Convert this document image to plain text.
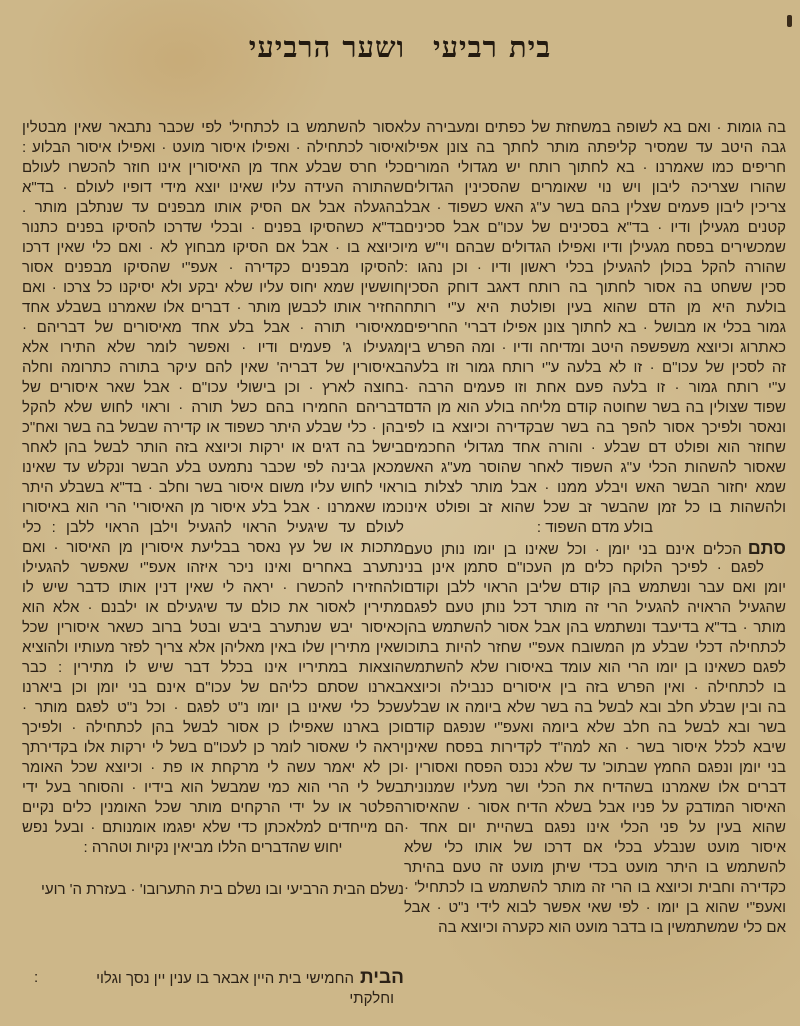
בית רביעיושער הרביעי
בה גומות · ואם בא לשופה במשחזת של כפתים ומעבירה על
גבה היטב עד שמסיר קליפתה מותר לחתך בה צונן אפילו
חריפים כמו שאמרנו · בא לחתוך רותח יש מגדולי המורים
שהורו שצריכה ליבון ויש נוי שאומרים שהסכינין הגדולים
צריכין ליבון פעמים שצלין בהם בשר ע"ג האש כשפוד · אבל
קטנים מגעילן ודיו · בד"א בסכינים של עכו"ם אבל סכינים
שמכשירים בפסח מגעילן ודיו ואפילו הגדולים שבהם וי"ש מי
שהורה להקל בכולן להגעילן בכלי ראשון ודיו · וכן נהגו :
סכין ששחט בה אסור לחתוך בה רותח דאגב דוחק הסכין
בולעת היא מן הדם שהוא בעין ופולטת היא ע"י רותח
גמור בכלי או מבושל · בא לחתוך צונן אפילו דברי' החריפים
כאתרוג וכיוצא משפשפה היטב ומדיחה ודיו · ומה הפרש בין
זה לסכין של עכו"ם · זו לא בלעה ע"י רותח גמור וזו בלעה
ע"י רותח גמור · זו בלעה פעם אחת וזו פעמים הרבה ·
שפוד שצולין בה בשר שחוטה קודם מליחה בולע הוא מן הדם
ונאסר ולפיכך אסור להפך בה בשר שבקדירה וכיוצא בו לפי
שחוזר הוא ופולט דם שבלע · והורה אחד מגדולי החכמים
שאסור להשהות הכלי ע"ג השפוד לאחר שהוסר מע"ג האש
שמא יחזור הבשר האש ויבלע ממנו · אבל מותר לצלות בו
ולהשהות בו כל זמן שהבשר זב שכל שהוא זב ופולט אינו
בולע מדם השפוד :
סתםהכלים אינם בני יומן · וכל שאינו בן יומו נותן טעם
לפגם · לפיכך הלוקח כלים מן העכו"ם סתמן אינן בני
יומן ואם עבר ונשתמש בהן קודם שליבן הראוי ללבן וקודם
שהגעיל הראויה להגעיל הרי זה מותר דכל נותן טעם לפגם
מותר · בד"א בדיעבד ונשתמש בהן אבל אסור להשתמש בהן
לכתחילה דכלי שבלע מן המשובח אעפ"י שחזר להיות בתוכו
לפגם כשאינו בן יומו הרי הוא עומד באיסורו שלא להשתמש
בו לכתחילה · ואין הפרש בזה בין איסורים כנבילה וכיוצא
בה ובין שבלע חלב ובא לבשל בה בשר שלא ביומה או שבלע
בשר ובא לבשל בה חלב שלא ביומה ואעפ"י שנפגם קודם
שיבא לכלל איסור בשר · הא למה"ד לקדירות בפסח שאינן
בני יומן ונפגם החמץ שבתוכ' עד שלא נכנס הפסח ואסורין ·
דברים אלו שאמרנו בשהדיח את הכלי ושר מעליו שמנונית
האיסור המודבק על פניו אבל בשלא הדיח אסור · שהאיסור
שהוא בעין על פני הכלי אינו נפגם בשהיית יום אחד ·
איסור מועט שנבלע בכלי אם דרכו של אותו כלי שלא
להשתמש בו היתר מועט בכדי שיתן מועט זה טעם בהיתר
כקדירה וחבית וכיוצא בו הרי זה מותר להשתמש בו לכתחיל' ·
ואעפ"י שהוא בן יומו · לפי שאי אפשר לבוא לידי נ"ט · אבל
אם כלי שמשתמשין בו בדבר מועט הוא כקערה וכיוצא בה
אסור להשתמש בו לכתחיל' לפי שכבר נתבאר שאין מבטלין
איסור לכתחילה · ואפילו איסור מועט · ואפילו איסור הבלוע :
כלי חרס שבלע אחד מן האיסורין אינו חוזר להכשרו לעולם
שהתורה העידה עליו שאינו יוצא מידי דופיו לעולם · בד"א
בהגעלה אבל אם הסיק אותו מבפנים עד שנתלבן מותר .
בד"א כשהסיקו בפנים · ובכלי שדרכו להסיקו בפנים כתנור
וכיוצא בו · אבל אם הסיקו מבחוץ לא · ואם כלי שאין דרכו
להסיקו מבפנים כקדירה · אעפ"י שהסיקו מבפנים אסור
חוששין שמא יחוס עליו שלא יבקע ולא יסיקנו כל צרכו · ואם
החזיר אותו לכבשן מותר · דברים אלו שאמרנו בשבלע אחד
מאיסורי תורה · אבל בלע אחד מאיסורים של דבריהם ·
מגעילו ג' פעמים ודיו · ואפשר לומר שלא התירו אלא
באיסורין של דבריה' שאין להם עיקר בתורה כתרומה וחלה
בחוצה לארץ · וכן בישולי עכו"ם · אבל שאר איסורים של
דבריהם החמירו בהם כשל תורה · וראוי לחוש שלא להקל
בהן · כלי שבלע היתר כשפוד או קדירה שבשל בה בשר ואח"כ
בישל בה דגים או ירקות וכיוצא בזה הותר לבשל בהן לאחר
מכאן גבינה לפי שכבר נתמעט בלע הבשר ונקלש עד שאינו
ראוי לחוש עליו משום איסור בשר וחלב · בד"א בשבלע היתר
כמו שאמרנו · אבל בלע איסור מן האיסורי' הרי הוא באיסורו
לעולם עד שיגעיל הראוי להגעיל וילבן הראוי ללבן : כלי
מתכות או של עץ נאסר בבליעת איסורין מן האיסור · ואם
נתערב באחרים ואינו ניכר איזהו אעפ"י שאפשר להגעילו
ולהחזירו להכשרו · יראה לי שאין דנין אותו כדבר שיש לו
מתירין לאסור את כולם עד שיגעילם או ילבנם · אלא הוא
כאיסור יבש שנתערב ביבש ובטל ברוב כשאר איסורין שכל
שאין מתירין שלו באין מאליהן אלא צריך לפזר מעותיו ולהוציא
הוצאות במתיריו אינו בכלל דבר שיש לו מתירין : כבר
בארנו שסתם כליהם של עכו"ם אינם בני יומן וכן ביארנו
שכל כלי שאינו בן יומו נ"ט לפגם · וכל נ"ט לפגם מותר ·
וכן בארנו שאפילו כן אסור לבשל בהן לכתחילה · ולפיכך
יראה לי שאסור לומר כן לעכו"ם בשל לי ירקות אלו בקדירתך
וכן לא יאמר עשה לי מרקחת או פת · וכיוצא שכל האומר
בשל לי הרי הוא כמי שמבשל הוא בידיו · והסוחר בעל ידי
הפלטר או על ידי הרקחים מותר שכל האומנין כלים נקיים
הם מייחדים למלאכתן כדי שלא יפגמו אומנותם · ובעל נפש
יחוש שהדברים הללו מביאין נקיות וטהרה :
נשלם הבית הרביעי ובו נשלם בית התערובו' · בעזרת ה' רועי
הביתהחמישי בית היין אבאר בו ענין יין נסך וגלוי
וחלקתי
:
